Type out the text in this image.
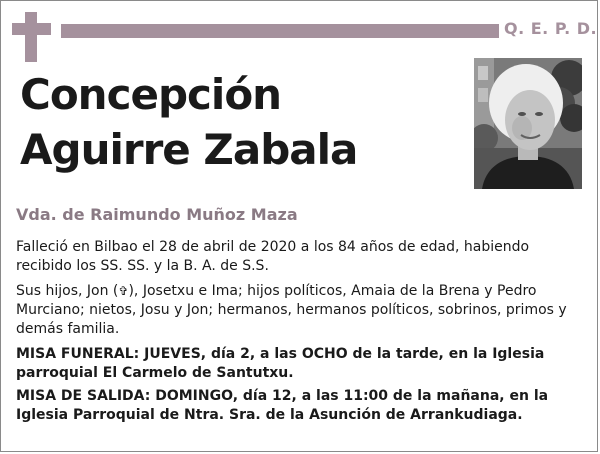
Q. E. P. D.
Concepción
Aguirre Zabala
Vda. de Raimundo Muñoz Maza

Falleció en Bilbao el 28 de abril de 2020 a los 84 años de edad, habiendo recibido los SS. SS. y la B. A. de S.S.

Sus hijos, Jon (✞), Josetxu e Ima; hijos políticos, Amaia de la Brena y Pedro Murciano; nietos, Josu y Jon; hermanos, hermanos políticos, sobrinos, primos y demás familia.

MISA FUNERAL: JUEVES, día 2, a las OCHO de la tarde, en la Iglesia parroquial El Carmelo de Santutxu.

MISA DE SALIDA: DOMINGO, día 12, a las 11:00 de la mañana, en la Iglesia Parroquial de Ntra. Sra. de la Asunción de Arrankudiaga.
